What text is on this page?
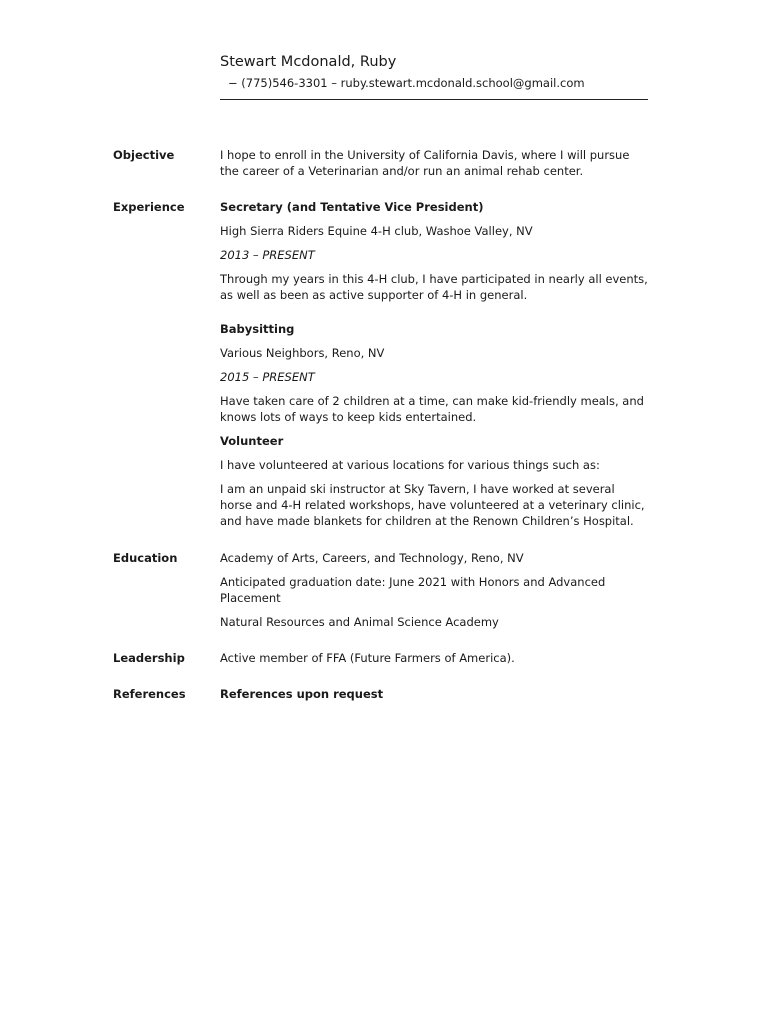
Stewart Mcdonald, Ruby
− (775)546-3301 – ruby.stewart.mcdonald.school@gmail.com
Objective	I hope to enroll in the University of California Davis, where I will pursue the career of a Veterinarian and/or run an animal rehab center.

Experience	Secretary (and Tentative Vice President)
High Sierra Riders Equine 4-H club, Washoe Valley, NV
2013 – PRESENT
Through my years in this 4-H club, I have participated in nearly all events, as well as been as active supporter of 4-H in general.
Babysitting
Various Neighbors, Reno, NV
2015 – PRESENT
Have taken care of 2 children at a time, can make kid-friendly meals, and knows lots of ways to keep kids entertained.
Volunteer
I have volunteered at various locations for various things such as:
I am an unpaid ski instructor at Sky Tavern, I have worked at several horse and 4-H related workshops, have volunteered at a veterinary clinic, and have made blankets for children at the Renown Children’s Hospital.
Education	Academy of Arts, Careers, and Technology, Reno, NV
Anticipated graduation date: June 2021 with Honors and Advanced Placement
Natural Resources and Animal Science Academy
Leadership	Active member of FFA (Future Farmers of America).
References	References upon request
